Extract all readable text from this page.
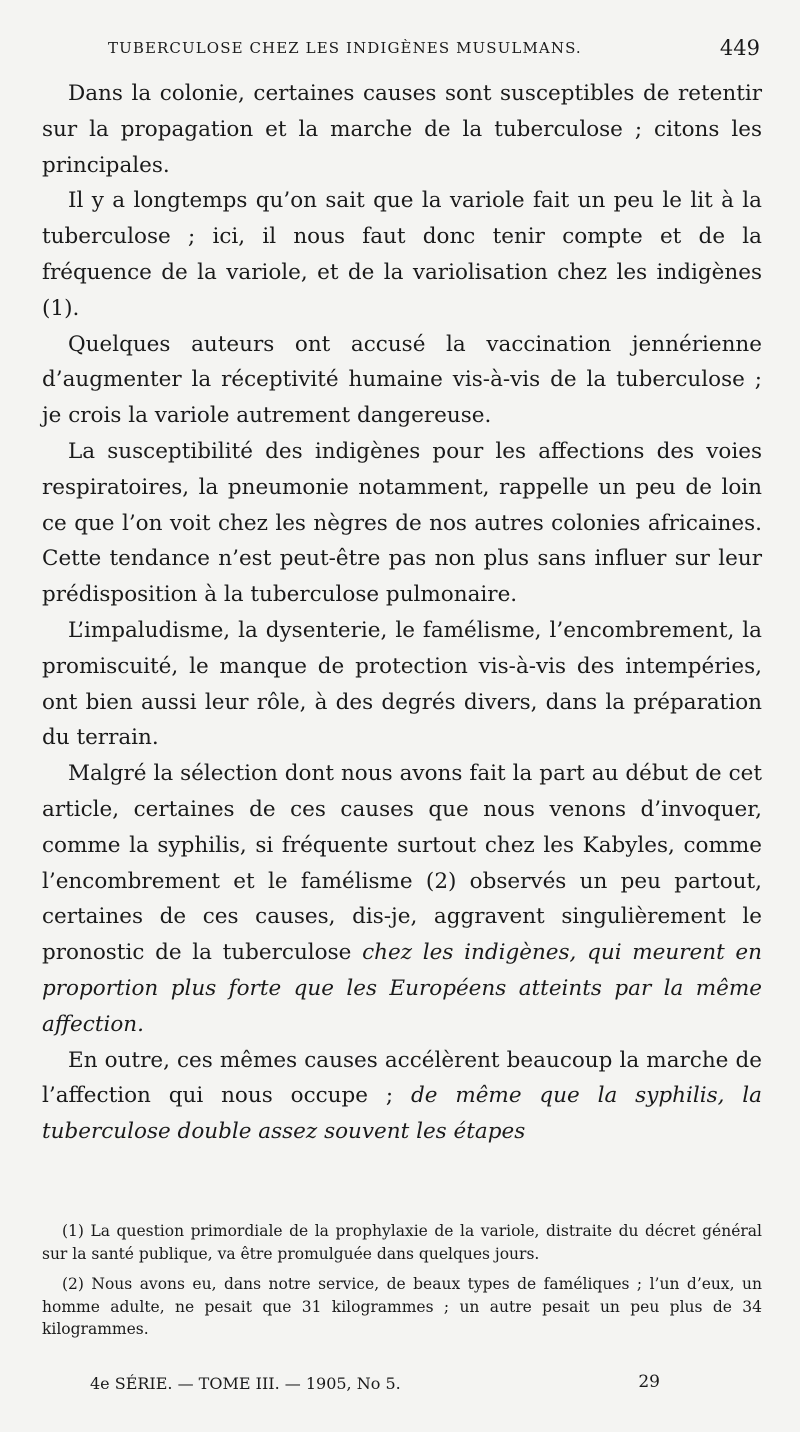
TUBERCULOSE CHEZ LES INDIGÈNES MUSULMANS.	449

Dans la colonie, certaines causes sont susceptibles de retentir sur la propagation et la marche de la tuberculose ; citons les principales.

Il y a longtemps qu’on sait que la variole fait un peu le lit à la tuberculose ; ici, il nous faut donc tenir compte et de la fréquence de la variole, et de la variolisation chez les indigènes (1).

Quelques auteurs ont accusé la vaccination jennérienne d’augmenter la réceptivité humaine vis-à-vis de la tuberculose ; je crois la variole autrement dangereuse.

La susceptibilité des indigènes pour les affections des voies respiratoires, la pneumonie notamment, rappelle un peu de loin ce que l’on voit chez les nègres de nos autres colonies africaines. Cette tendance n’est peut-être pas non plus sans influer sur leur prédisposition à la tuberculose pulmonaire.

L’impaludisme, la dysenterie, le famélisme, l’encombrement, la promiscuité, le manque de protection vis-à-vis des intempéries, ont bien aussi leur rôle, à des degrés divers, dans la préparation du terrain.

Malgré la sélection dont nous avons fait la part au début de cet article, certaines de ces causes que nous venons d’invoquer, comme la syphilis, si fréquente surtout chez les Kabyles, comme l’encombrement et le famélisme (2) observés un peu partout, certaines de ces causes, dis-je, aggravent singulièrement le pronostic de la tuberculose chez les indigènes, qui meurent en proportion plus forte que les Européens atteints par la même affection.

En outre, ces mêmes causes accélèrent beaucoup la marche de l’affection qui nous occupe ; de même que la syphilis, la tuberculose double assez souvent les étapes

(1) La question primordiale de la prophylaxie de la variole, distraite du décret général sur la santé publique, va être promulguée dans quelques jours.

(2) Nous avons eu, dans notre service, de beaux types de faméliques ; l’un d’eux, un homme adulte, ne pesait que 31 kilogrammes ; un autre pesait un peu plus de 34 kilogrammes.

4e SÉRIE. — TOME III. — 1905, No 5.	29
